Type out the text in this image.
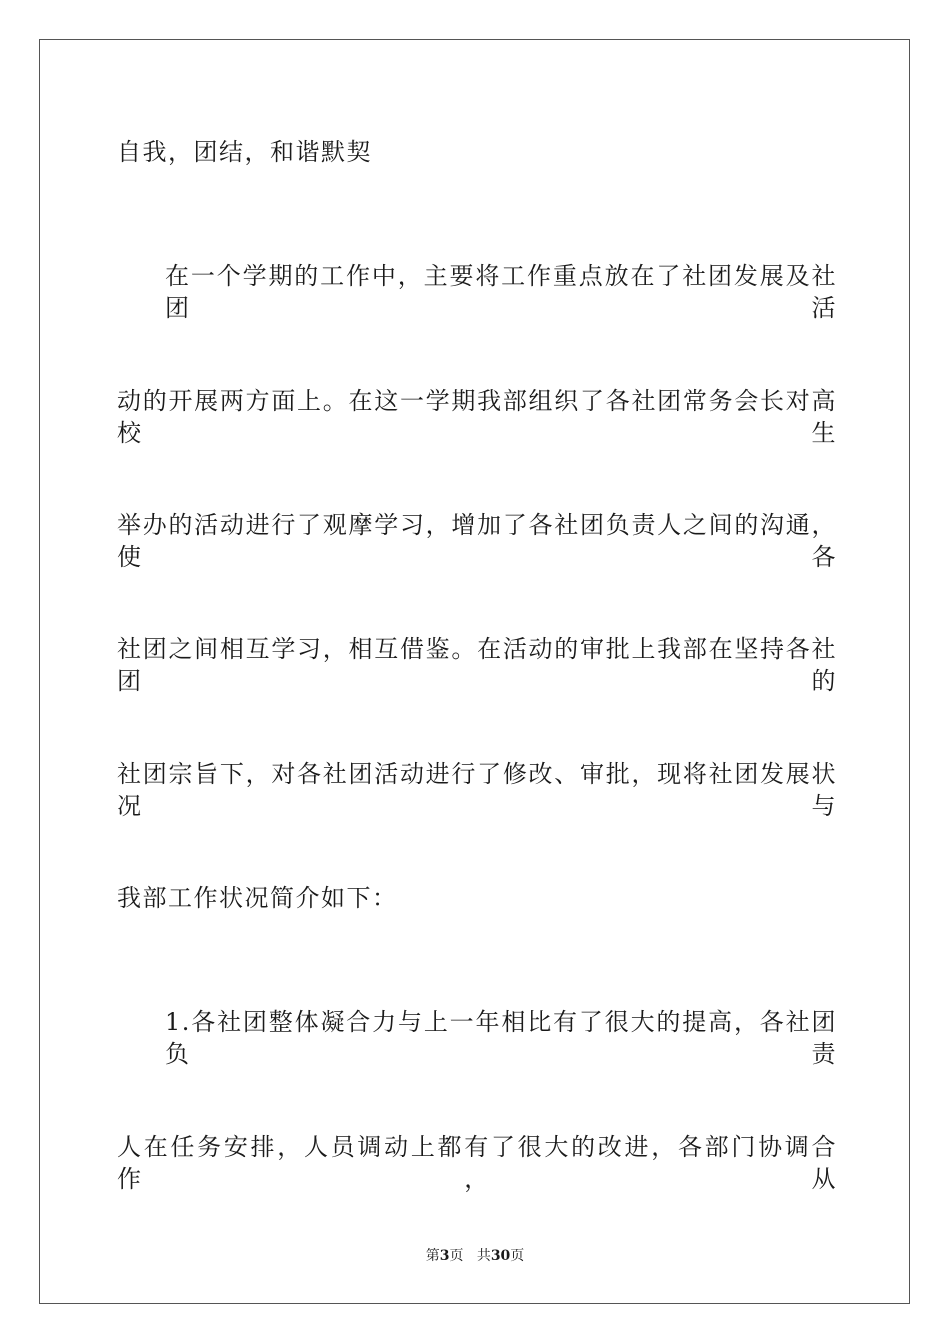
自我，团结，和谐默契
在一个学期的工作中，主要将工作重点放在了社团发展及社团活
动的开展两方面上。在这一学期我部组织了各社团常务会长对高校生
举办的活动进行了观摩学习，增加了各社团负责人之间的沟通，使各
社团之间相互学习，相互借鉴。在活动的审批上我部在坚持各社团的
社团宗旨下，对各社团活动进行了修改、审批，现将社团发展状况与
我部工作状况简介如下：
1.各社团整体凝合力与上一年相比有了很大的提高，各社团负责
人在任务安排，人员调动上都有了很大的改进，各部门协调合作，从
第3页 共30页
